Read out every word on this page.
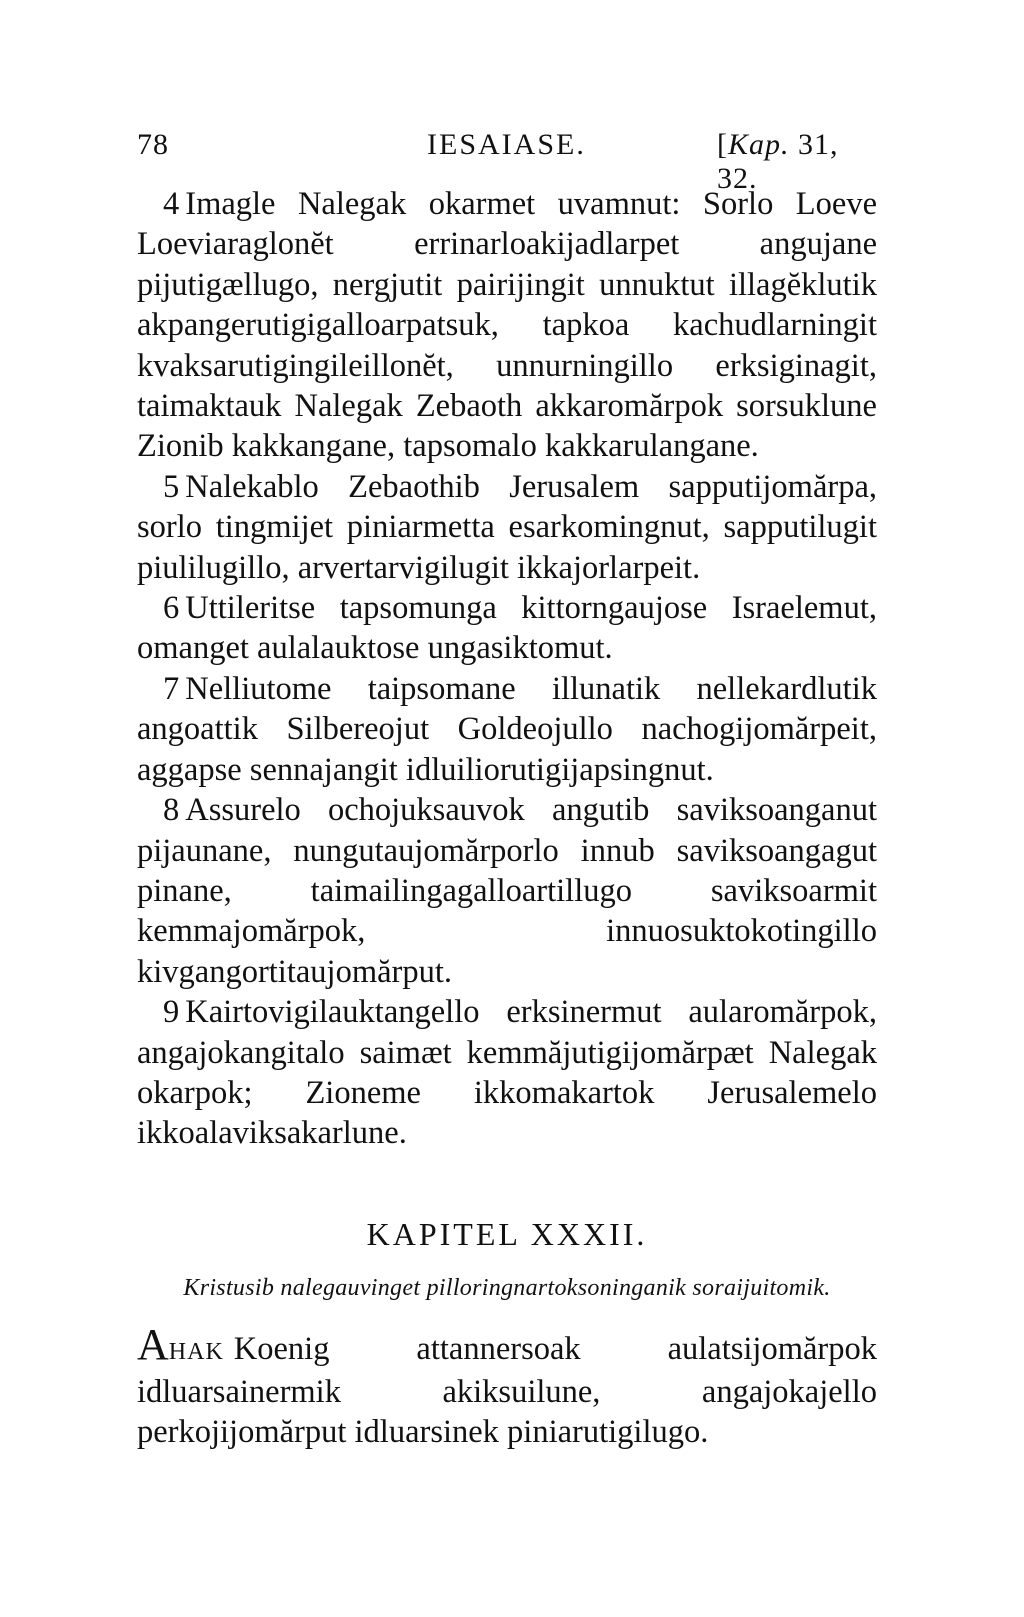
78	IESAIASE.	[Kap. 31, 32.

4 Imagle Nalegak okarmet uvamnut: Sorlo Loeve Loeviaraglonĕt errinarloakijadlarpet angujane pijutigællugo, nergjutit pairijingit unnuktut illagĕklutik akpangerutigigalloarpatsuk, tapkoa kachudlarningit kvaksarutigingileillonĕt, unnurningillo erksiginagit, taimaktauk Nalegak Zebaoth akkaromărpok sorsuklune Zionib kakkangane, tapsomalo kakkarulangane.

5 Nalekablo Zebaothib Jerusalem sapputijomărpa, sorlo tingmijet piniarmetta esarkomingnut, sapputilugit piulilugillo, arvertarvigilugit ikkajorlarpeit.

6 Uttileritse tapsomunga kittorngaujose Israelemut, omanget aulalauktose ungasiktomut.

7 Nelliutome taipsomane illunatik nellekardlutik angoattik Silbereojut Goldeojullo nachogijomărpeit, aggapse sennajangit idluiliorutigijapsingnut.

8 Assurelo ochojuksauvok angutib saviksoanganut pijaunane, nungutaujomărporlo innub saviksoangagut pinane, taimailingagalloartillugo saviksoarmit kemmajomărpok, innuosuktokotingillo kivgangortitaujomărput.

9 Kairtovigilauktangello erksinermut aularomărpok, angajokangitalo saimæt kemmăjutigijomărpæt Nalegak okarpok; Zioneme ikkomakartok Jerusalemelo ikkoalaviksakarlune.

KAPITEL XXXII.
Kristusib nalegauvinget pilloringnartoksoninganik soraijuitomik.

AHAK Koenig attannersoak aulatsijomărpok idluarsainermik akiksuilune, angajokajello perkojijomărput idluarsinek piniarutigilugo.
